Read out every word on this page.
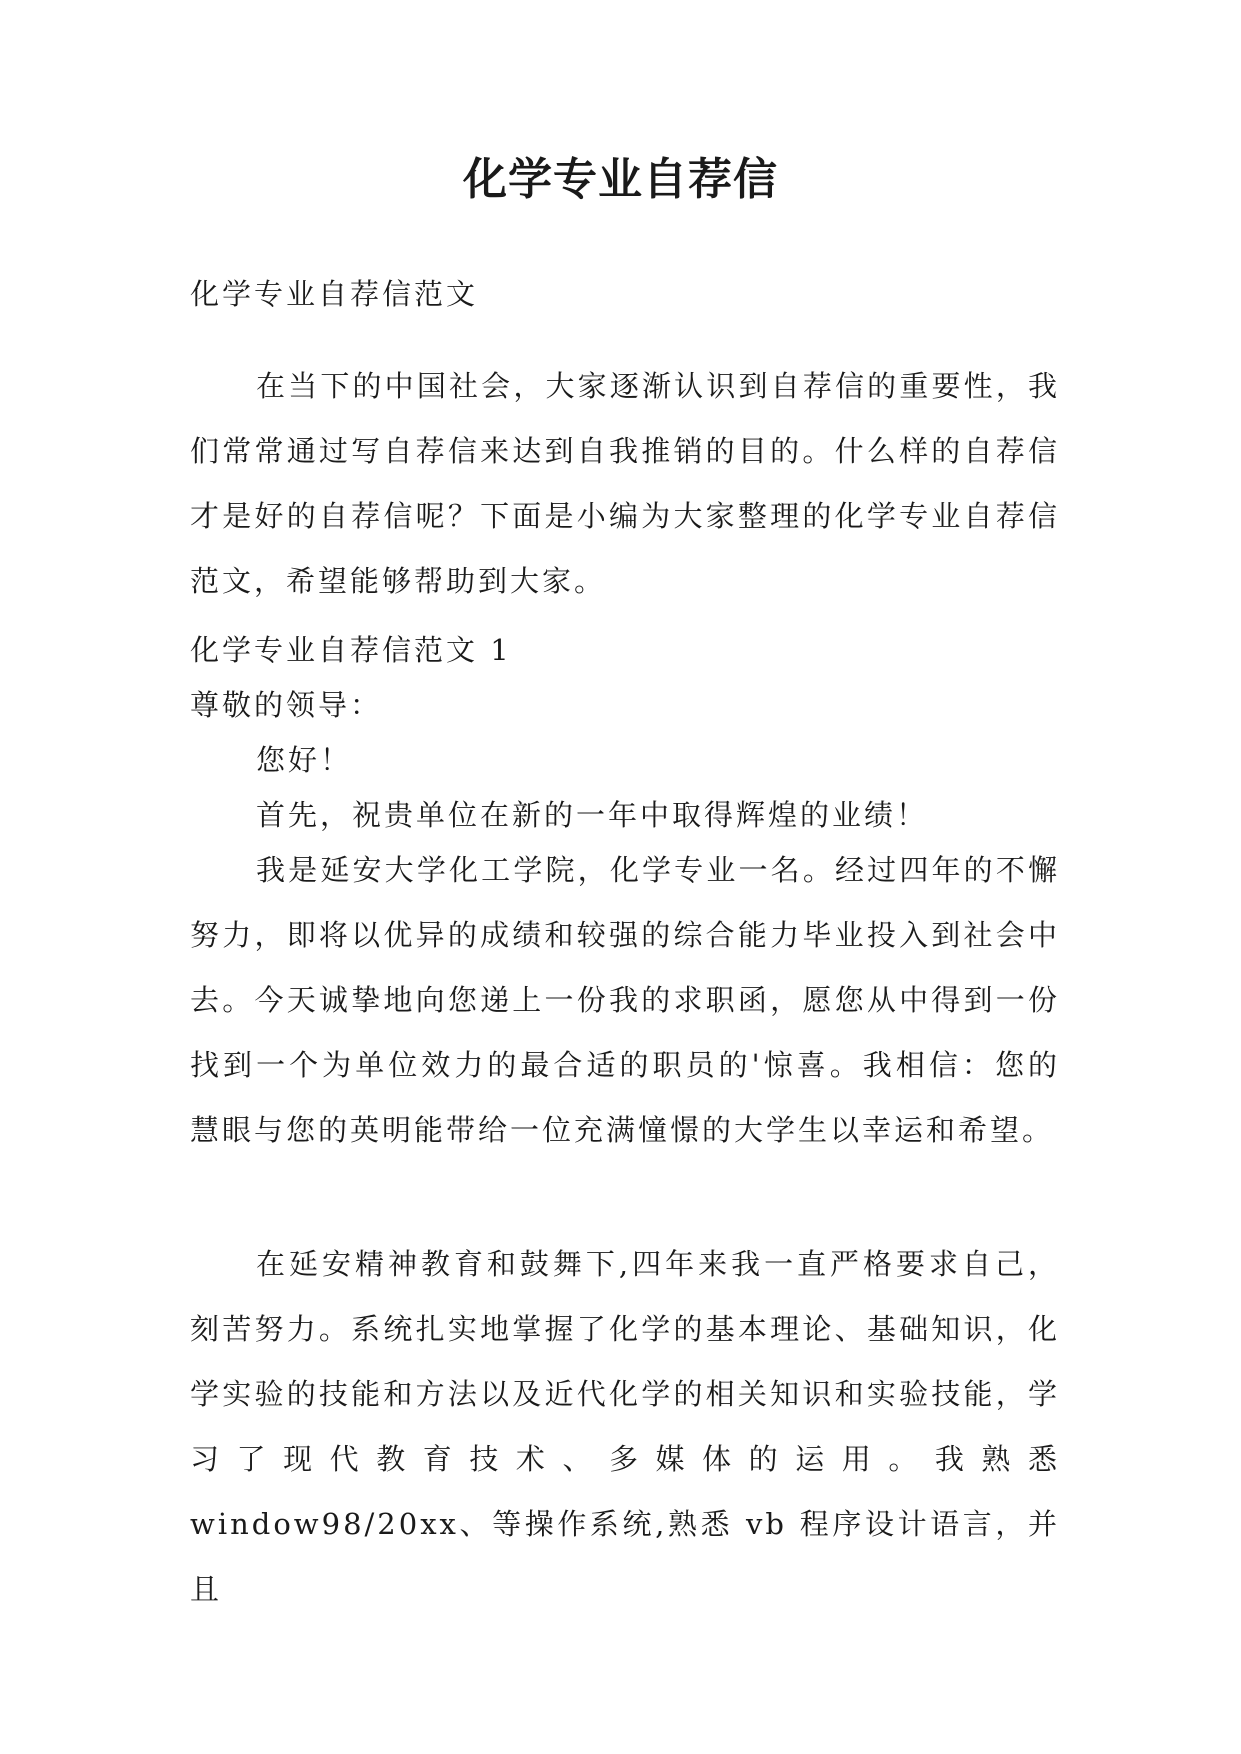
化学专业自荐信

化学专业自荐信范文

在当下的中国社会，大家逐渐认识到自荐信的重要性，我们常常通过写自荐信来达到自我推销的目的。什么样的自荐信才是好的自荐信呢？下面是小编为大家整理的化学专业自荐信范文，希望能够帮助到大家。

化学专业自荐信范文 1

尊敬的领导：

您好！

首先，祝贵单位在新的一年中取得辉煌的业绩！

我是延安大学化工学院，化学专业一名。经过四年的不懈努力，即将以优异的成绩和较强的综合能力毕业投入到社会中去。今天诚挚地向您递上一份我的求职函，愿您从中得到一份找到一个为单位效力的最合适的职员的'惊喜。我相信：您的慧眼与您的英明能带给一位充满憧憬的大学生以幸运和希望。

在延安精神教育和鼓舞下,四年来我一直严格要求自己，刻苦努力。系统扎实地掌握了化学的基本理论、基础知识，化学实验的技能和方法以及近代化学的相关知识和实验技能，学习了现代教育技术、多媒体的运用。我熟悉window98/20xx、等操作系统,熟悉 vb 程序设计语言，并且
